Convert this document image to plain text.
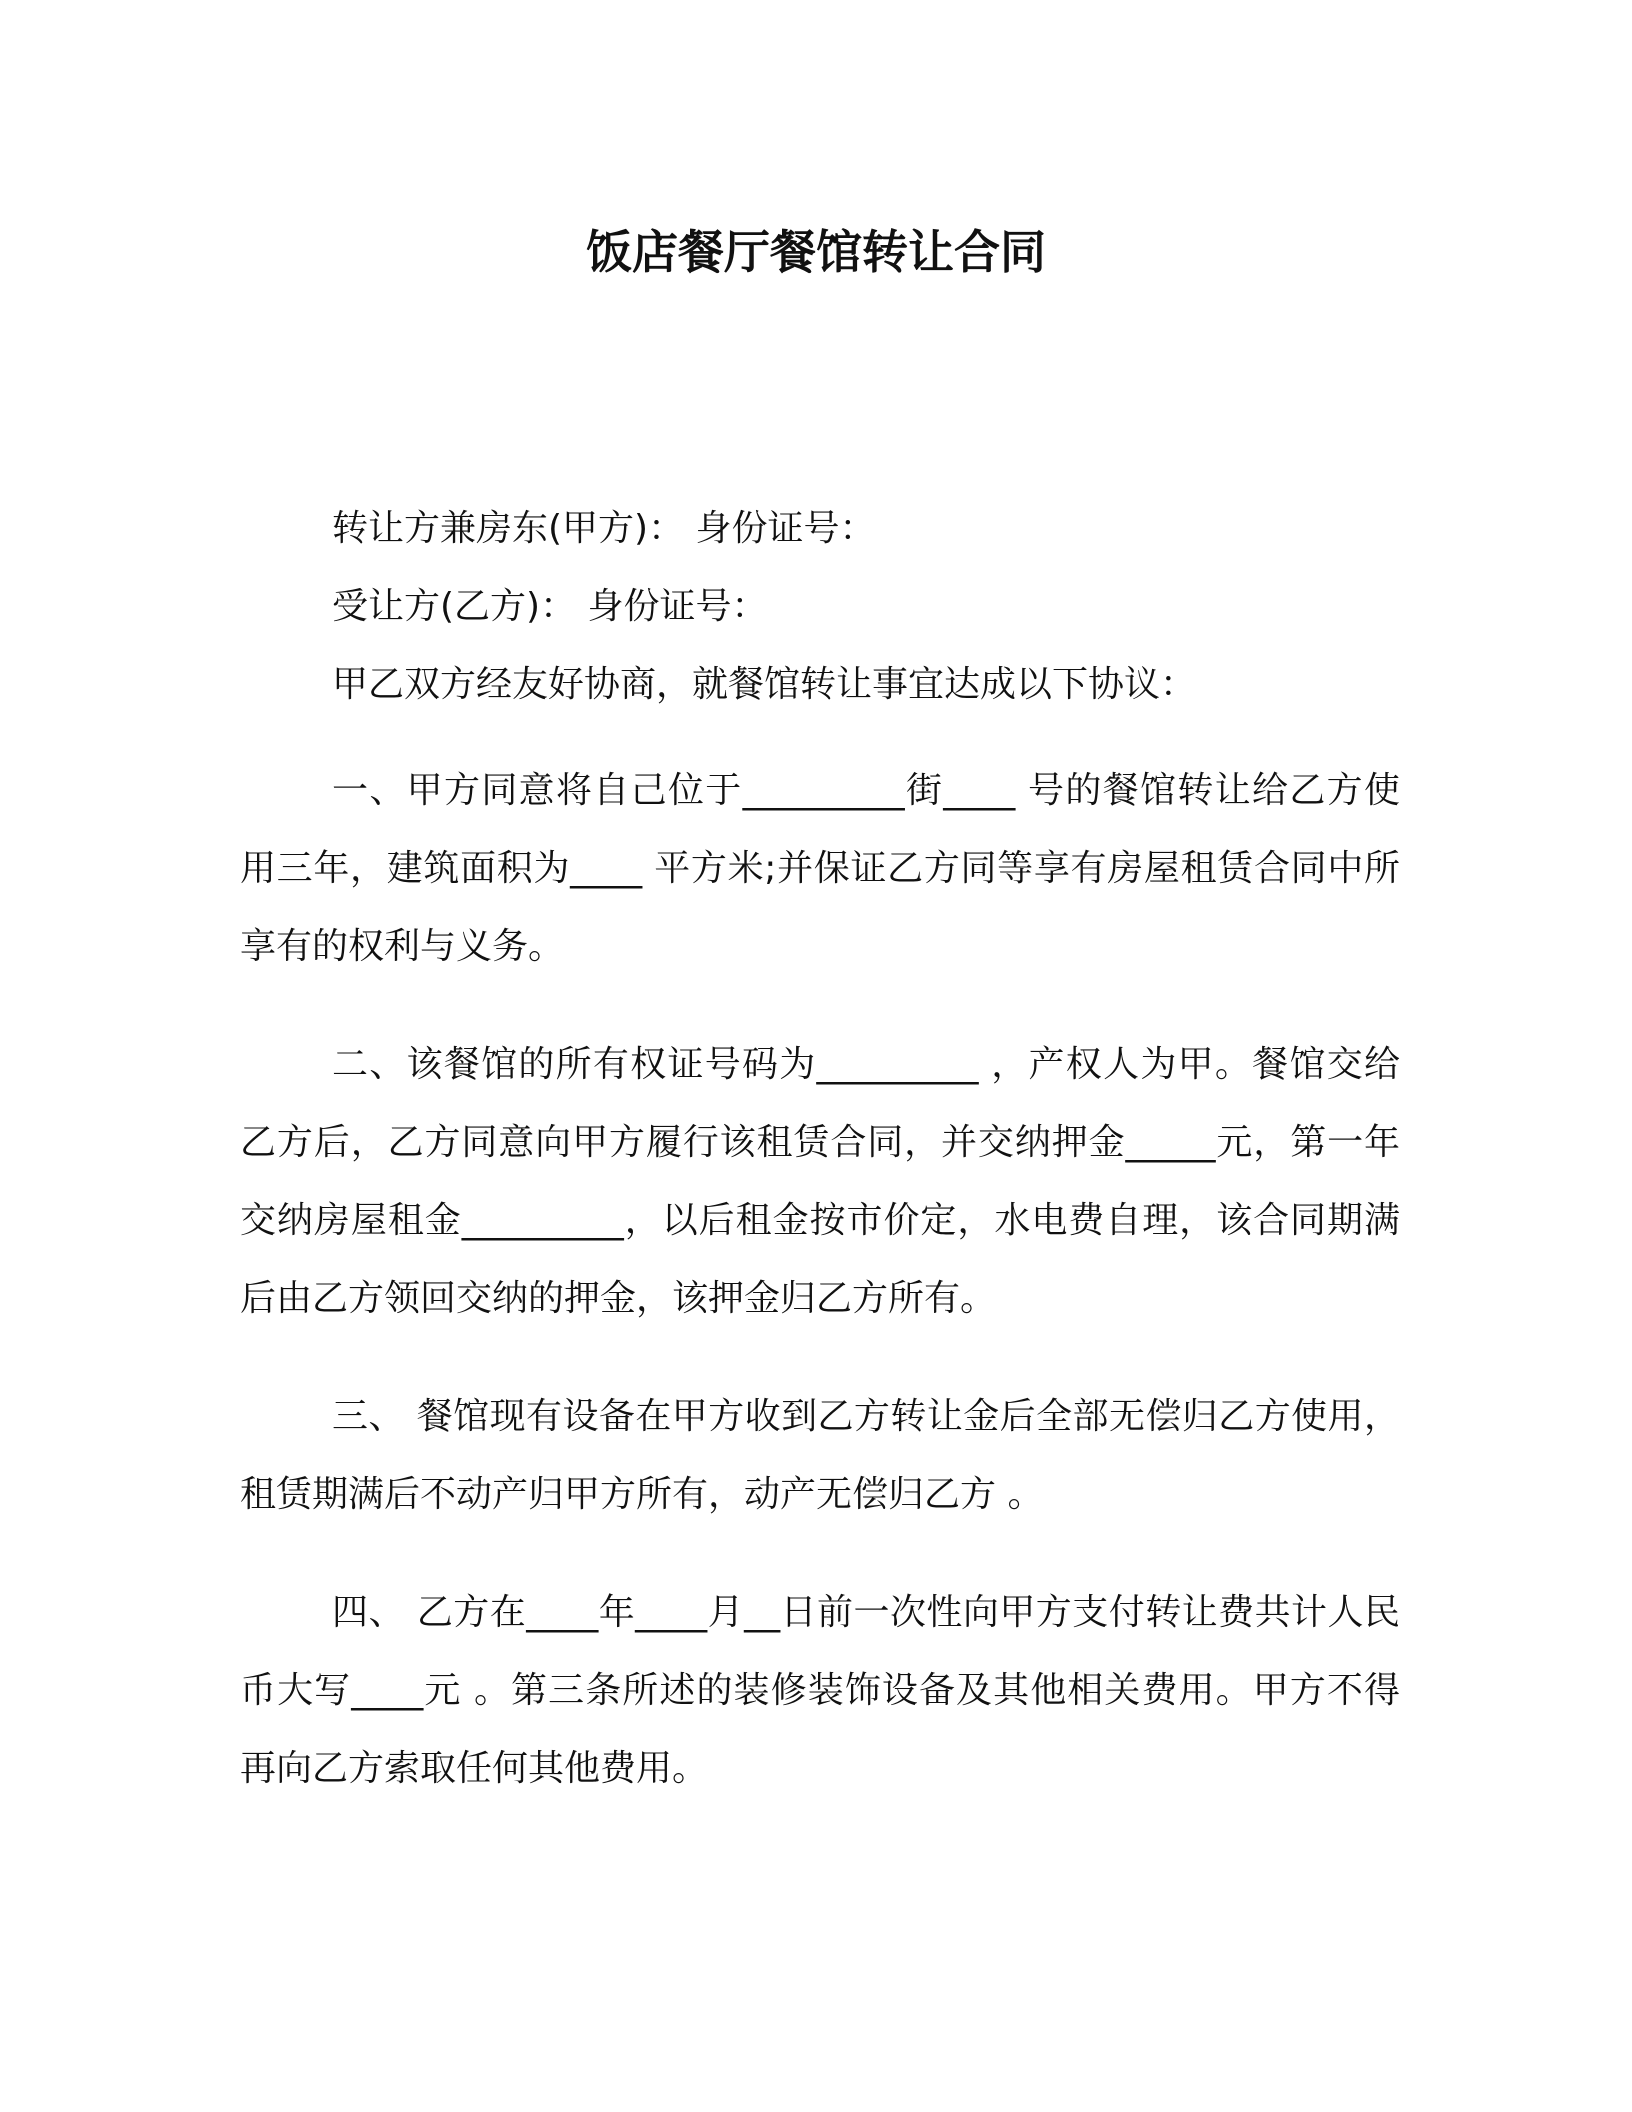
饭店餐厅餐馆转让合同

转让方兼房东(甲方)： 身份证号：

受让方(乙方)： 身份证号：

甲乙双方经友好协商，就餐馆转让事宜达成以下协议：

一、甲方同意将自己位于_________街____ 号的餐馆转让给乙方使用三年，建筑面积为____ 平方米;并保证乙方同等享有房屋租赁合同中所享有的权利与义务。

二、该餐馆的所有权证号码为_________ ，产权人为甲。餐馆交给乙方后，乙方同意向甲方履行该租赁合同，并交纳押金_____元，第一年交纳房屋租金_________，以后租金按市价定，水电费自理，该合同期满后由乙方领回交纳的押金，该押金归乙方所有。

三、 餐馆现有设备在甲方收到乙方转让金后全部无偿归乙方使用，租赁期满后不动产归甲方所有，动产无偿归乙方 。

四、 乙方在____年____月__日前一次性向甲方支付转让费共计人民币大写____元 。第三条所述的装修装饰设备及其他相关费用。甲方不得再向乙方索取任何其他费用。
